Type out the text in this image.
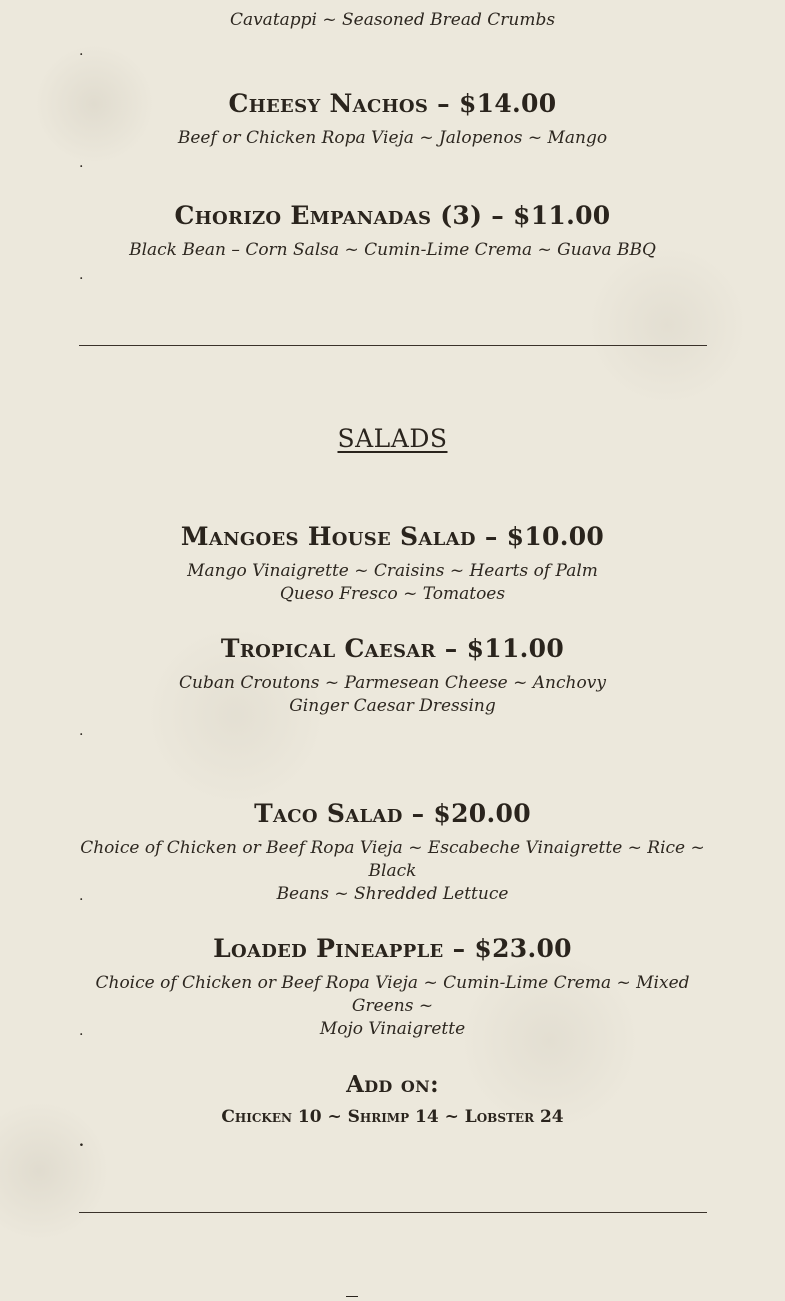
Cavatappi ~ Seasoned Bread Crumbs
.
Cheesy Nachos – $14.00
Beef or Chicken Ropa Vieja ~ Jalopenos ~ Mango
.
Chorizo Empanadas (3) – $11.00
Black Bean – Corn Salsa ~ Cumin-Lime Crema ~ Guava BBQ
.
SALADS
Mangoes House Salad – $10.00
Mango Vinaigrette ~ Craisins ~ Hearts of Palm
Queso Fresco ~ Tomatoes
Tropical Caesar – $11.00
Cuban Croutons ~ Parmesean Cheese ~ Anchovy
Ginger Caesar Dressing
.
Taco Salad – $20.00
Choice of Chicken or Beef Ropa Vieja ~ Escabeche Vinaigrette ~ Rice ~ Black
Beans ~ Shredded Lettuce
.
Loaded Pineapple – $23.00
Choice of Chicken or Beef Ropa Vieja ~ Cumin-Lime Crema ~ Mixed Greens ~
Mojo Vinaigrette
.
Add on:
Chicken 10 ~ Shrimp 14 ~ Lobster 24
.
